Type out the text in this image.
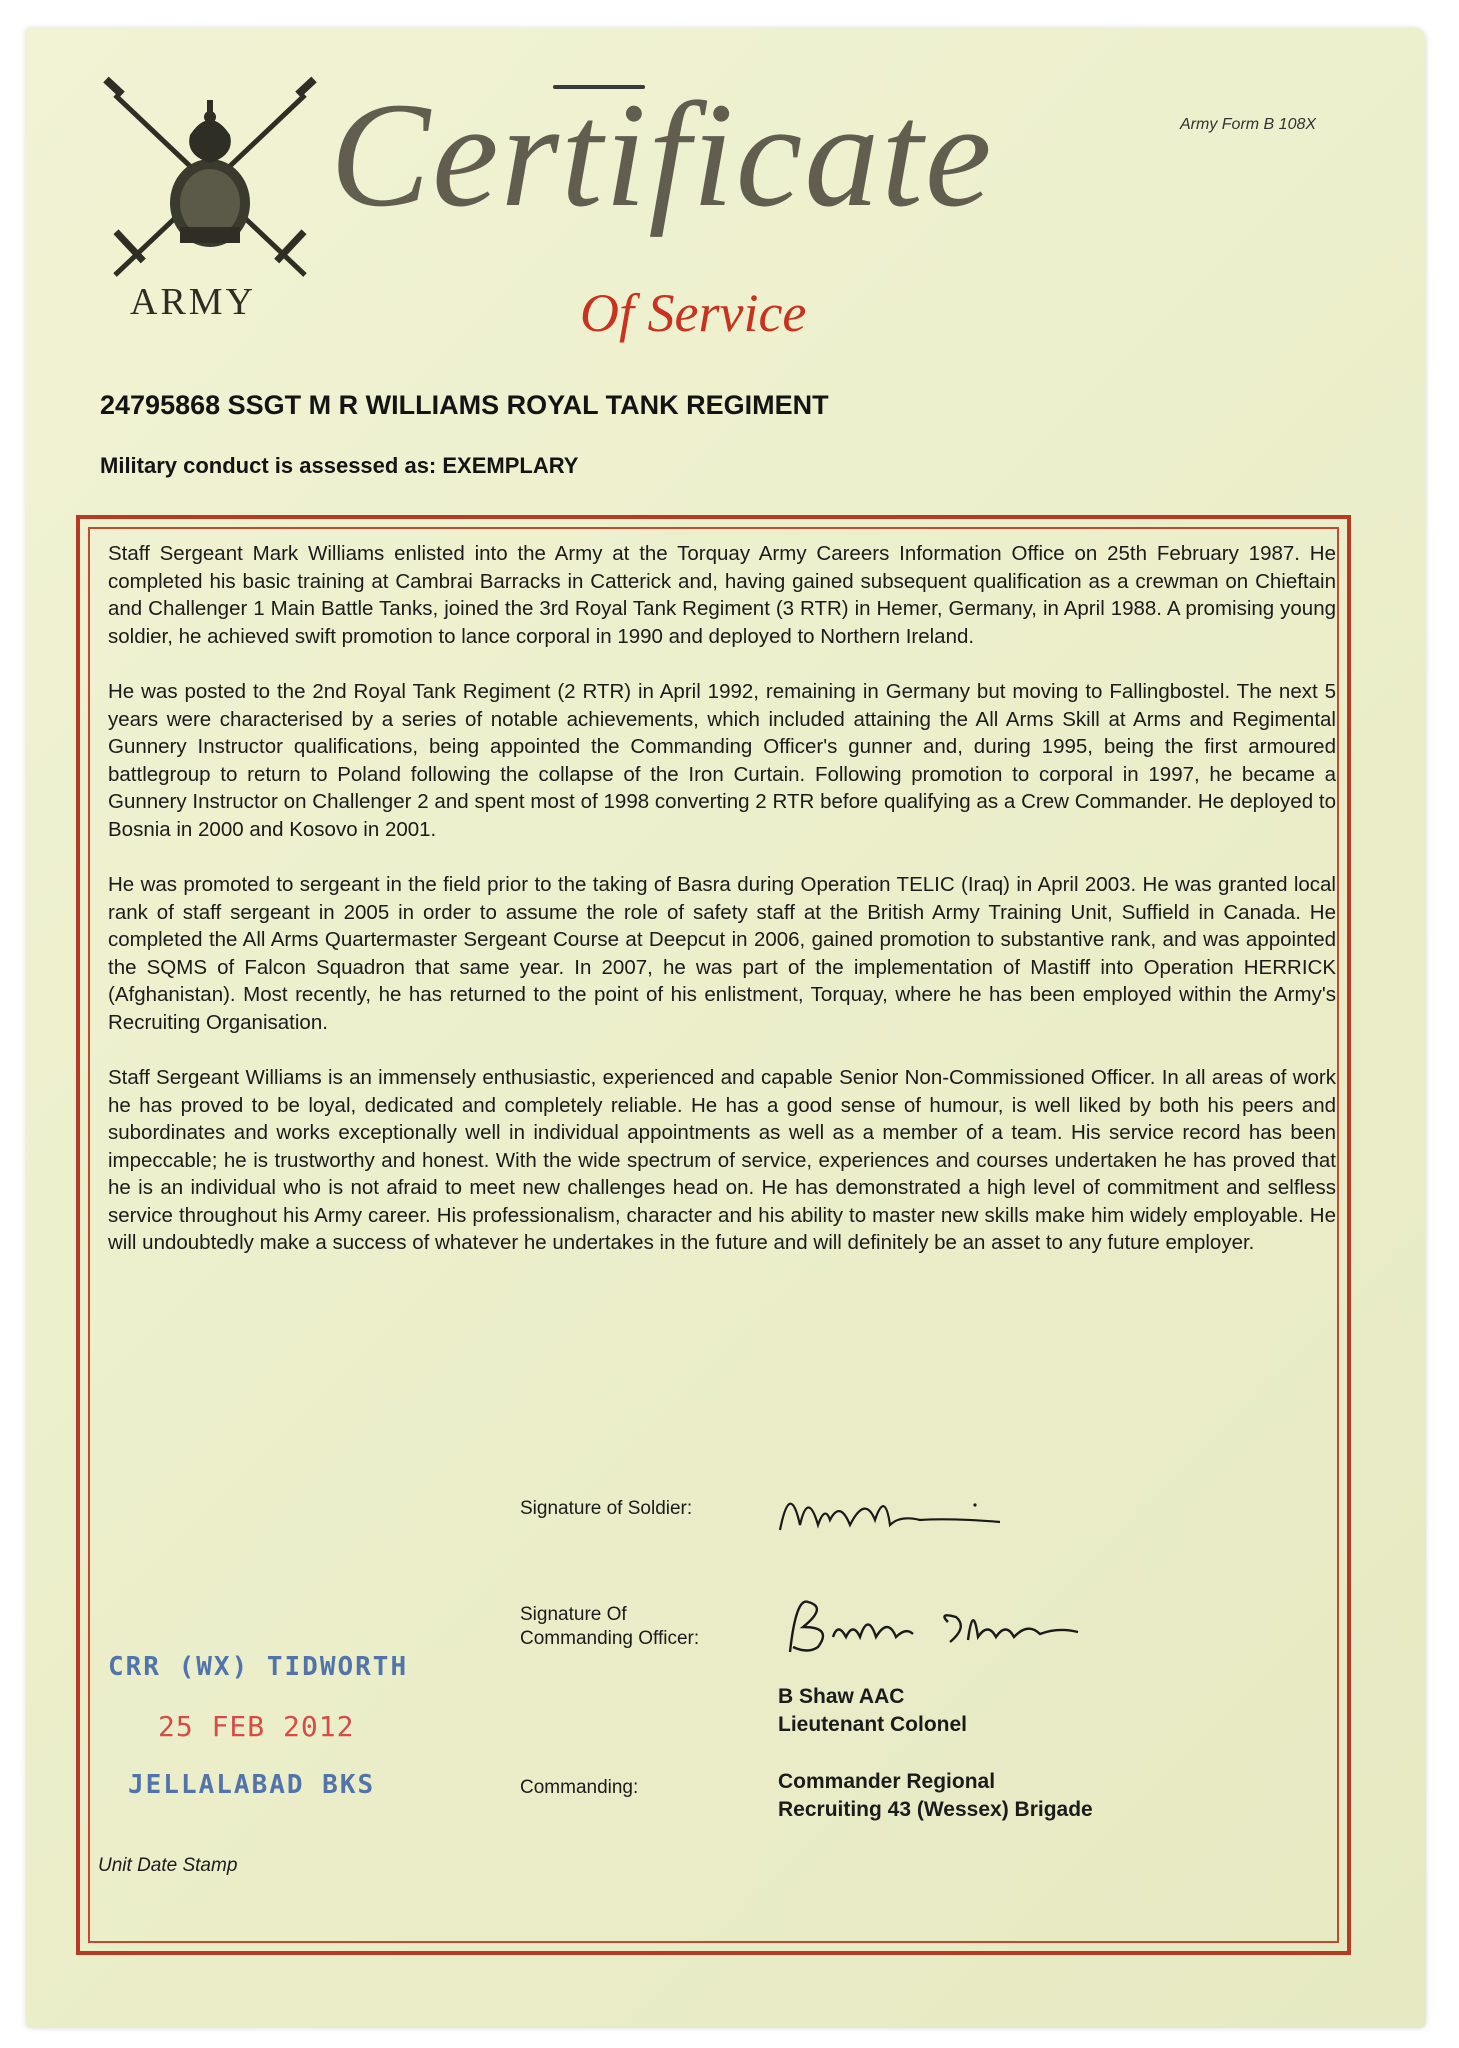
ARMY
Certificate
Of Service
Army Form B 108X
24795868 SSGT M R WILLIAMS ROYAL TANK REGIMENT
Military conduct is assessed as: EXEMPLARY

Staff Sergeant Mark Williams enlisted into the Army at the Torquay Army Careers Information Office on 25th February 1987. He completed his basic training at Cambrai Barracks in Catterick and, having gained subsequent qualification as a crewman on Chieftain and Challenger 1 Main Battle Tanks, joined the 3rd Royal Tank Regiment (3 RTR) in Hemer, Germany, in April 1988. A promising young soldier, he achieved swift promotion to lance corporal in 1990 and deployed to Northern Ireland.

He was posted to the 2nd Royal Tank Regiment (2 RTR) in April 1992, remaining in Germany but moving to Fallingbostel. The next 5 years were characterised by a series of notable achievements, which included attaining the All Arms Skill at Arms and Regimental Gunnery Instructor qualifications, being appointed the Commanding Officer's gunner and, during 1995, being the first armoured battlegroup to return to Poland following the collapse of the Iron Curtain. Following promotion to corporal in 1997, he became a Gunnery Instructor on Challenger 2 and spent most of 1998 converting 2 RTR before qualifying as a Crew Commander. He deployed to Bosnia in 2000 and Kosovo in 2001.

He was promoted to sergeant in the field prior to the taking of Basra during Operation TELIC (Iraq) in April 2003. He was granted local rank of staff sergeant in 2005 in order to assume the role of safety staff at the British Army Training Unit, Suffield in Canada. He completed the All Arms Quartermaster Sergeant Course at Deepcut in 2006, gained promotion to substantive rank, and was appointed the SQMS of Falcon Squadron that same year. In 2007, he was part of the implementation of Mastiff into Operation HERRICK (Afghanistan). Most recently, he has returned to the point of his enlistment, Torquay, where he has been employed within the Army's Recruiting Organisation.

Staff Sergeant Williams is an immensely enthusiastic, experienced and capable Senior Non-Commissioned Officer. In all areas of work he has proved to be loyal, dedicated and completely reliable. He has a good sense of humour, is well liked by both his peers and subordinates and works exceptionally well in individual appointments as well as a member of a team. His service record has been impeccable; he is trustworthy and honest. With the wide spectrum of service, experiences and courses undertaken he has proved that he is an individual who is not afraid to meet new challenges head on. He has demonstrated a high level of commitment and selfless service throughout his Army career. His professionalism, character and his ability to master new skills make him widely employable. He will undoubtedly make a success of whatever he undertakes in the future and will definitely be an asset to any future employer.

Signature of Soldier:
Signature Of
Commanding Officer:
B Shaw AAC
Lieutenant Colonel
Commanding:	Commander Regional
Recruiting 43 (Wessex) Brigade
CRR (WX) TIDWORTH
25 FEB 2012
JELLALABAD BKS
Unit Date Stamp
